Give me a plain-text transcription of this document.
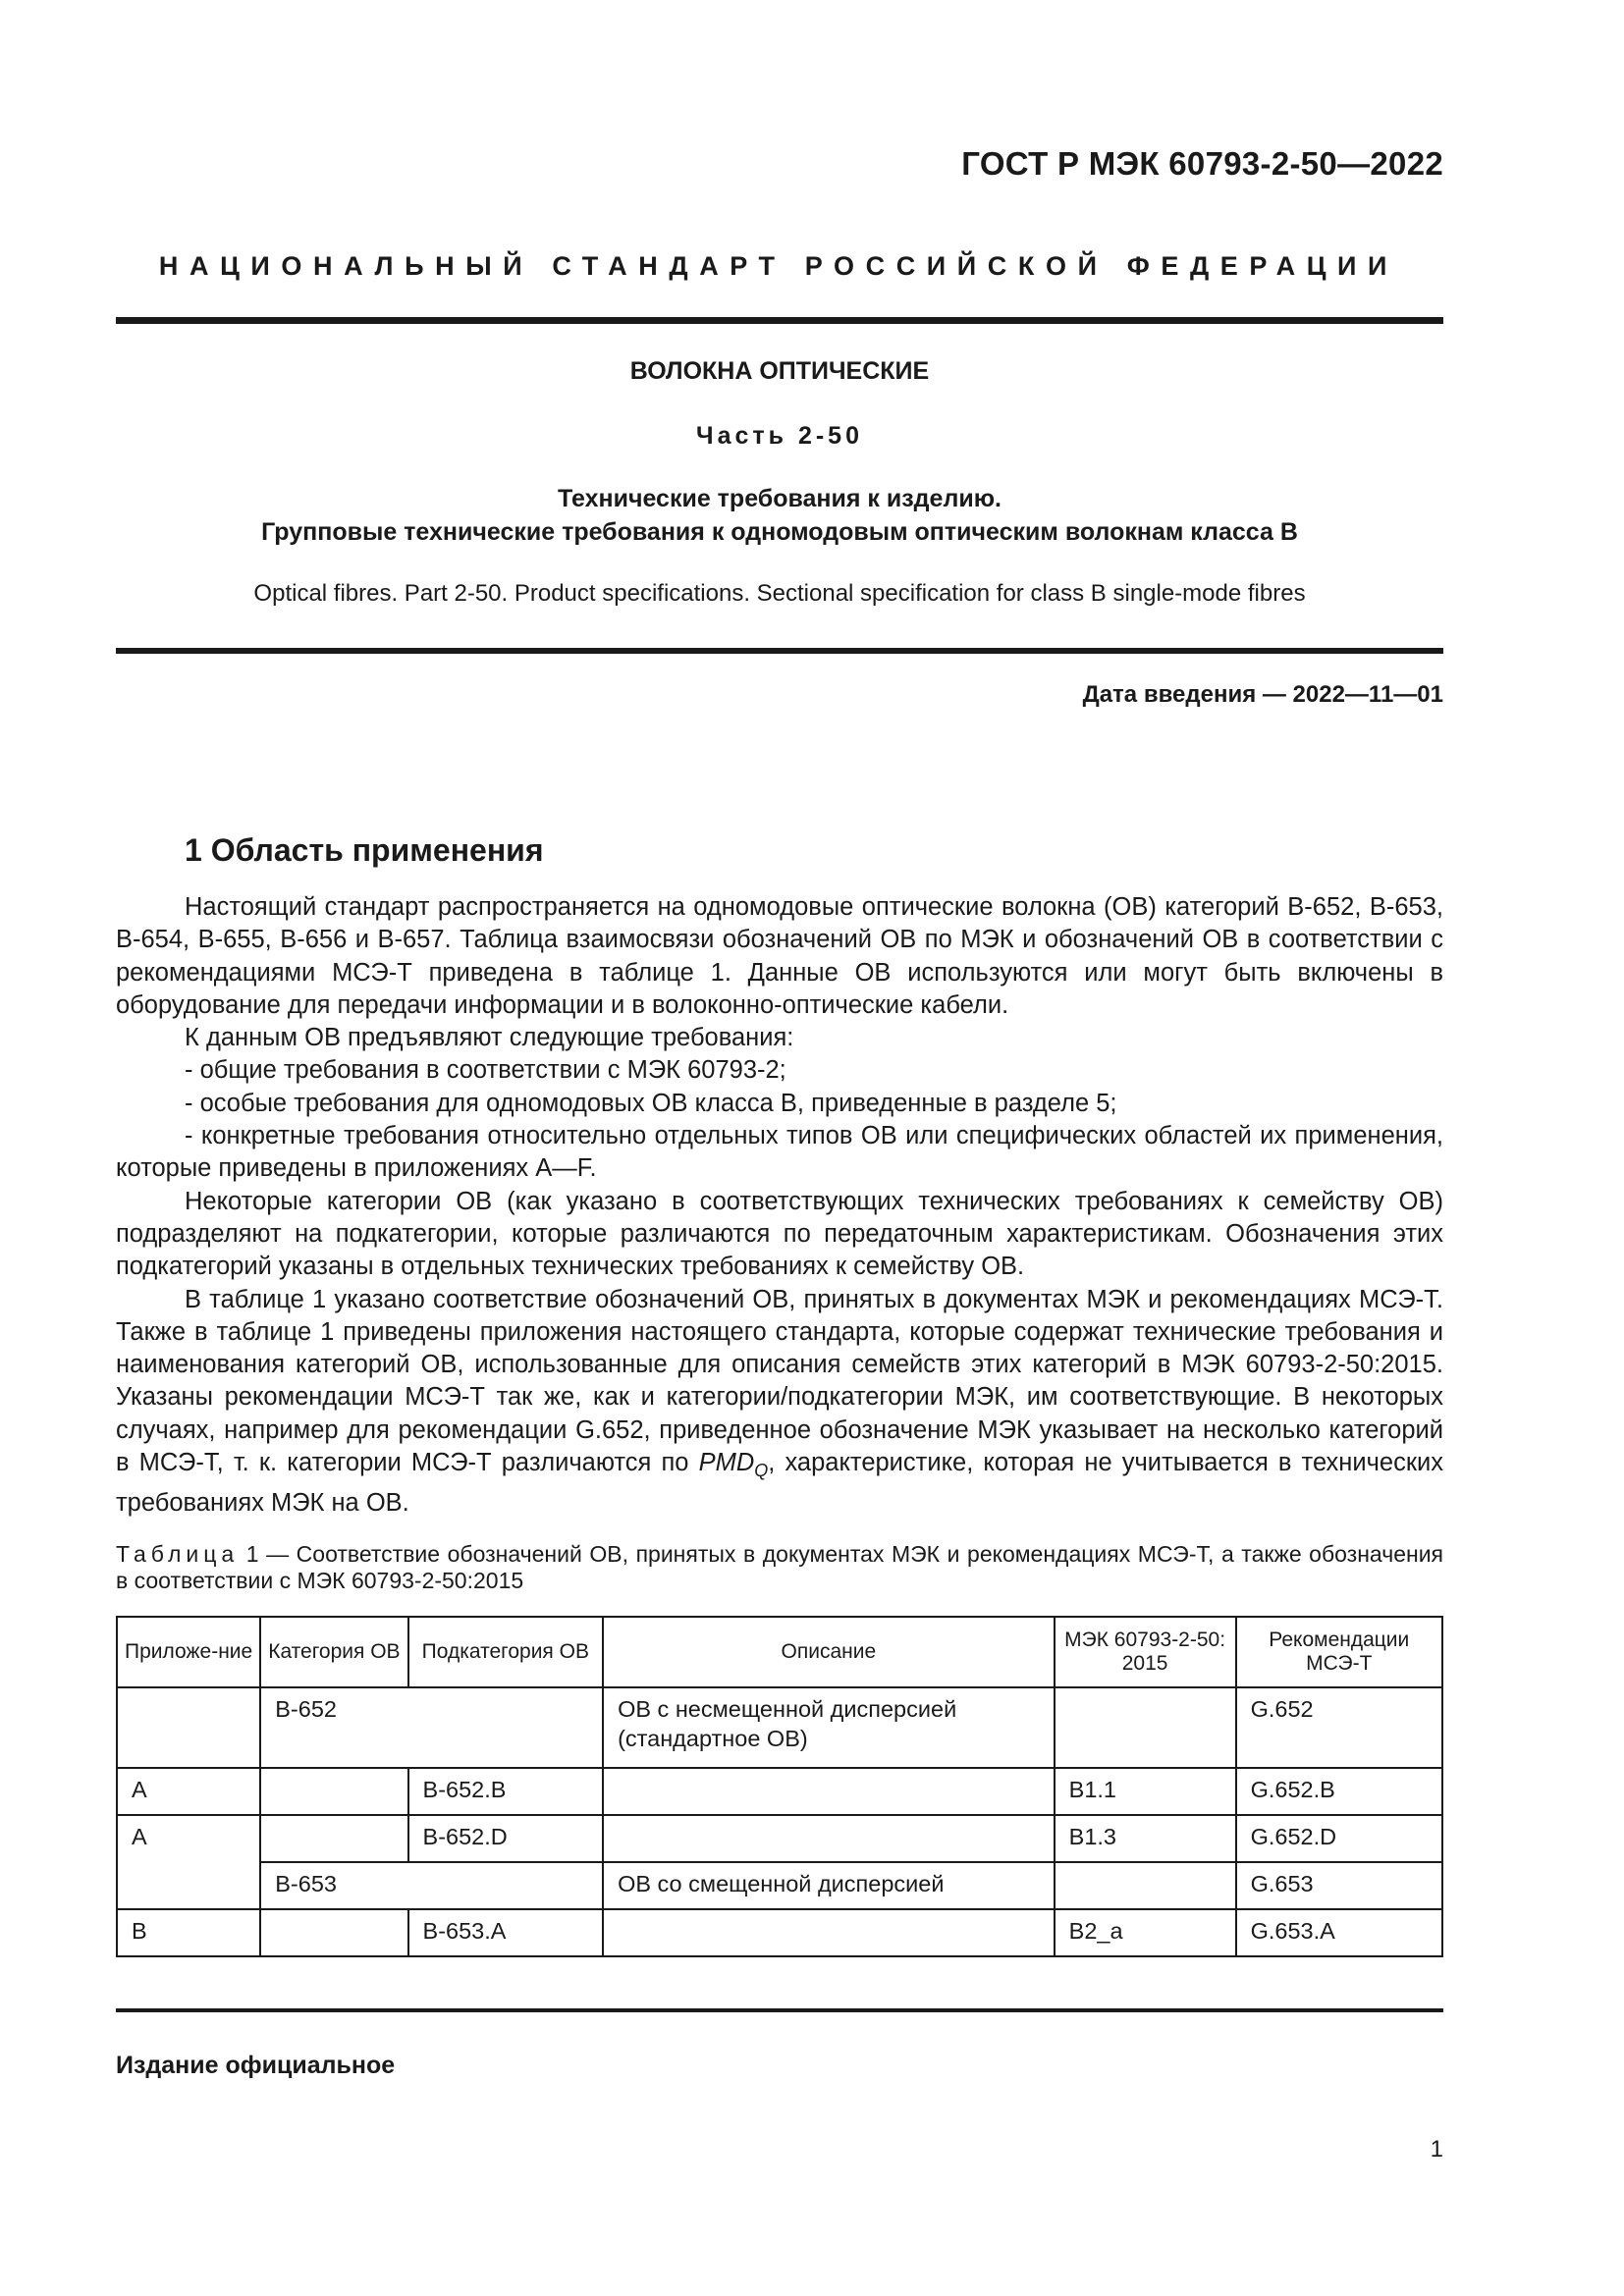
ГОСТ Р МЭК 60793-2-50—2022
НАЦИОНАЛЬНЫЙ СТАНДАРТ РОССИЙСКОЙ ФЕДЕРАЦИИ
ВОЛОКНА ОПТИЧЕСКИЕ
Часть 2-50
Технические требования к изделию.
Групповые технические требования к одномодовым оптическим волокнам класса B
Optical fibres. Part 2-50. Product specifications. Sectional specification for class B single-mode fibres
Дата введения — 2022—11—01
1 Область применения

Настоящий стандарт распространяется на одномодовые оптические волокна (ОВ) категорий B-652, B-653, B-654, B-655, B-656 и B-657. Таблица взаимосвязи обозначений ОВ по МЭК и обозначений ОВ в соответствии с рекомендациями МСЭ-Т приведена в таблице 1. Данные ОВ используются или могут быть включены в оборудование для передачи информации и в волоконно-оптические кабели.

К данным ОВ предъявляют следующие требования:

- общие требования в соответствии с МЭК 60793-2;

- особые требования для одномодовых ОВ класса B, приведенные в разделе 5;

- конкретные требования относительно отдельных типов ОВ или специфических областей их применения, которые приведены в приложениях A—F.

Некоторые категории ОВ (как указано в соответствующих технических требованиях к семейству ОВ) подразделяют на подкатегории, которые различаются по передаточным характеристикам. Обозначения этих подкатегорий указаны в отдельных технических требованиях к семейству ОВ.

В таблице 1 указано соответствие обозначений ОВ, принятых в документах МЭК и рекомендациях МСЭ-Т. Также в таблице 1 приведены приложения настоящего стандарта, которые содержат технические требования и наименования категорий ОВ, использованные для описания семейств этих категорий в МЭК 60793-2-50:2015. Указаны рекомендации МСЭ-Т так же, как и категории/подкатегории МЭК, им соответствующие. В некоторых случаях, например для рекомендации G.652, приведенное обозначение МЭК указывает на несколько категорий в МСЭ-Т, т. к. категории МСЭ-Т различаются по $PMD_Q$, характеристике, которая не учитывается в технических требованиях МЭК на ОВ.

Таблица 1 — Соответствие обозначений ОВ, принятых в документах МЭК и рекомендациях МСЭ-Т, а также обозначения в соответствии с МЭК 60793-2-50:2015
Приложе-ние	Категория ОВ	Подкатегория ОВ	Описание	МЭК 60793-2-50: 2015	Рекомендации МСЭ-Т
	B-652		ОВ с несмещенной дисперсией (стандартное ОВ)		G.652
A		B-652.B		B1.1	G.652.B
A		B-652.D		B1.3	G.652.D
	B-653		ОВ со смещенной дисперсией		G.653
B		B-653.A		B2_a	G.653.A
Издание официальное
1
